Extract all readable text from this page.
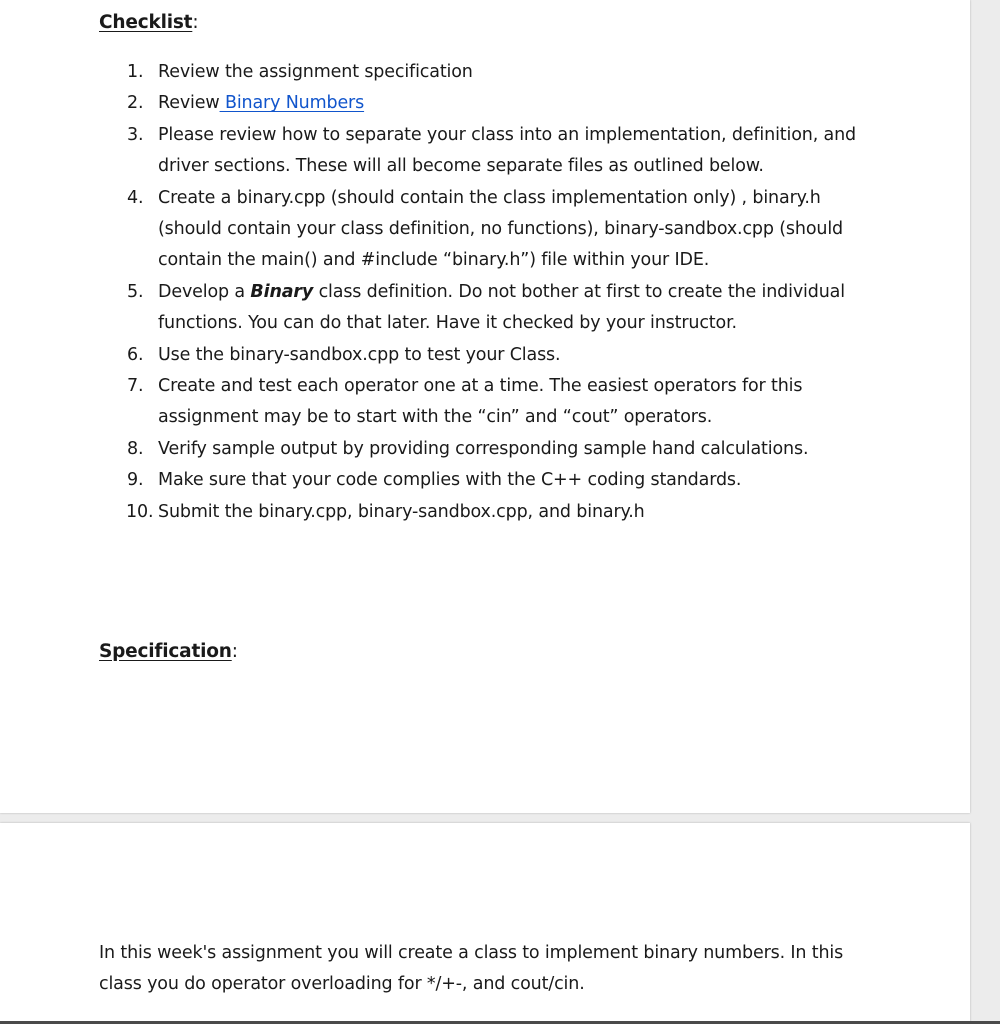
Checklist:
1. Review the assignment specification
2. Review Binary Numbers
3. Please review how to separate your class into an implementation, definition, and driver sections. These will all become separate files as outlined below.
4. Create a binary.cpp (should contain the class implementation only) , binary.h (should contain your class definition, no functions), binary-sandbox.cpp (should contain the main() and #include “binary.h”) file within your IDE.
5. Develop a Binary class definition. Do not bother at first to create the individual functions. You can do that later. Have it checked by your instructor.
6. Use the binary-sandbox.cpp to test your Class.
7. Create and test each operator one at a time. The easiest operators for this assignment may be to start with the “cin” and “cout” operators.
8. Verify sample output by providing corresponding sample hand calculations.
9. Make sure that your code complies with the C++ coding standards.
10. Submit the binary.cpp, binary-sandbox.cpp, and binary.h
Specification:

In this week's assignment you will create a class to implement binary numbers. In this class you do operator overloading for */+-, and cout/cin.
